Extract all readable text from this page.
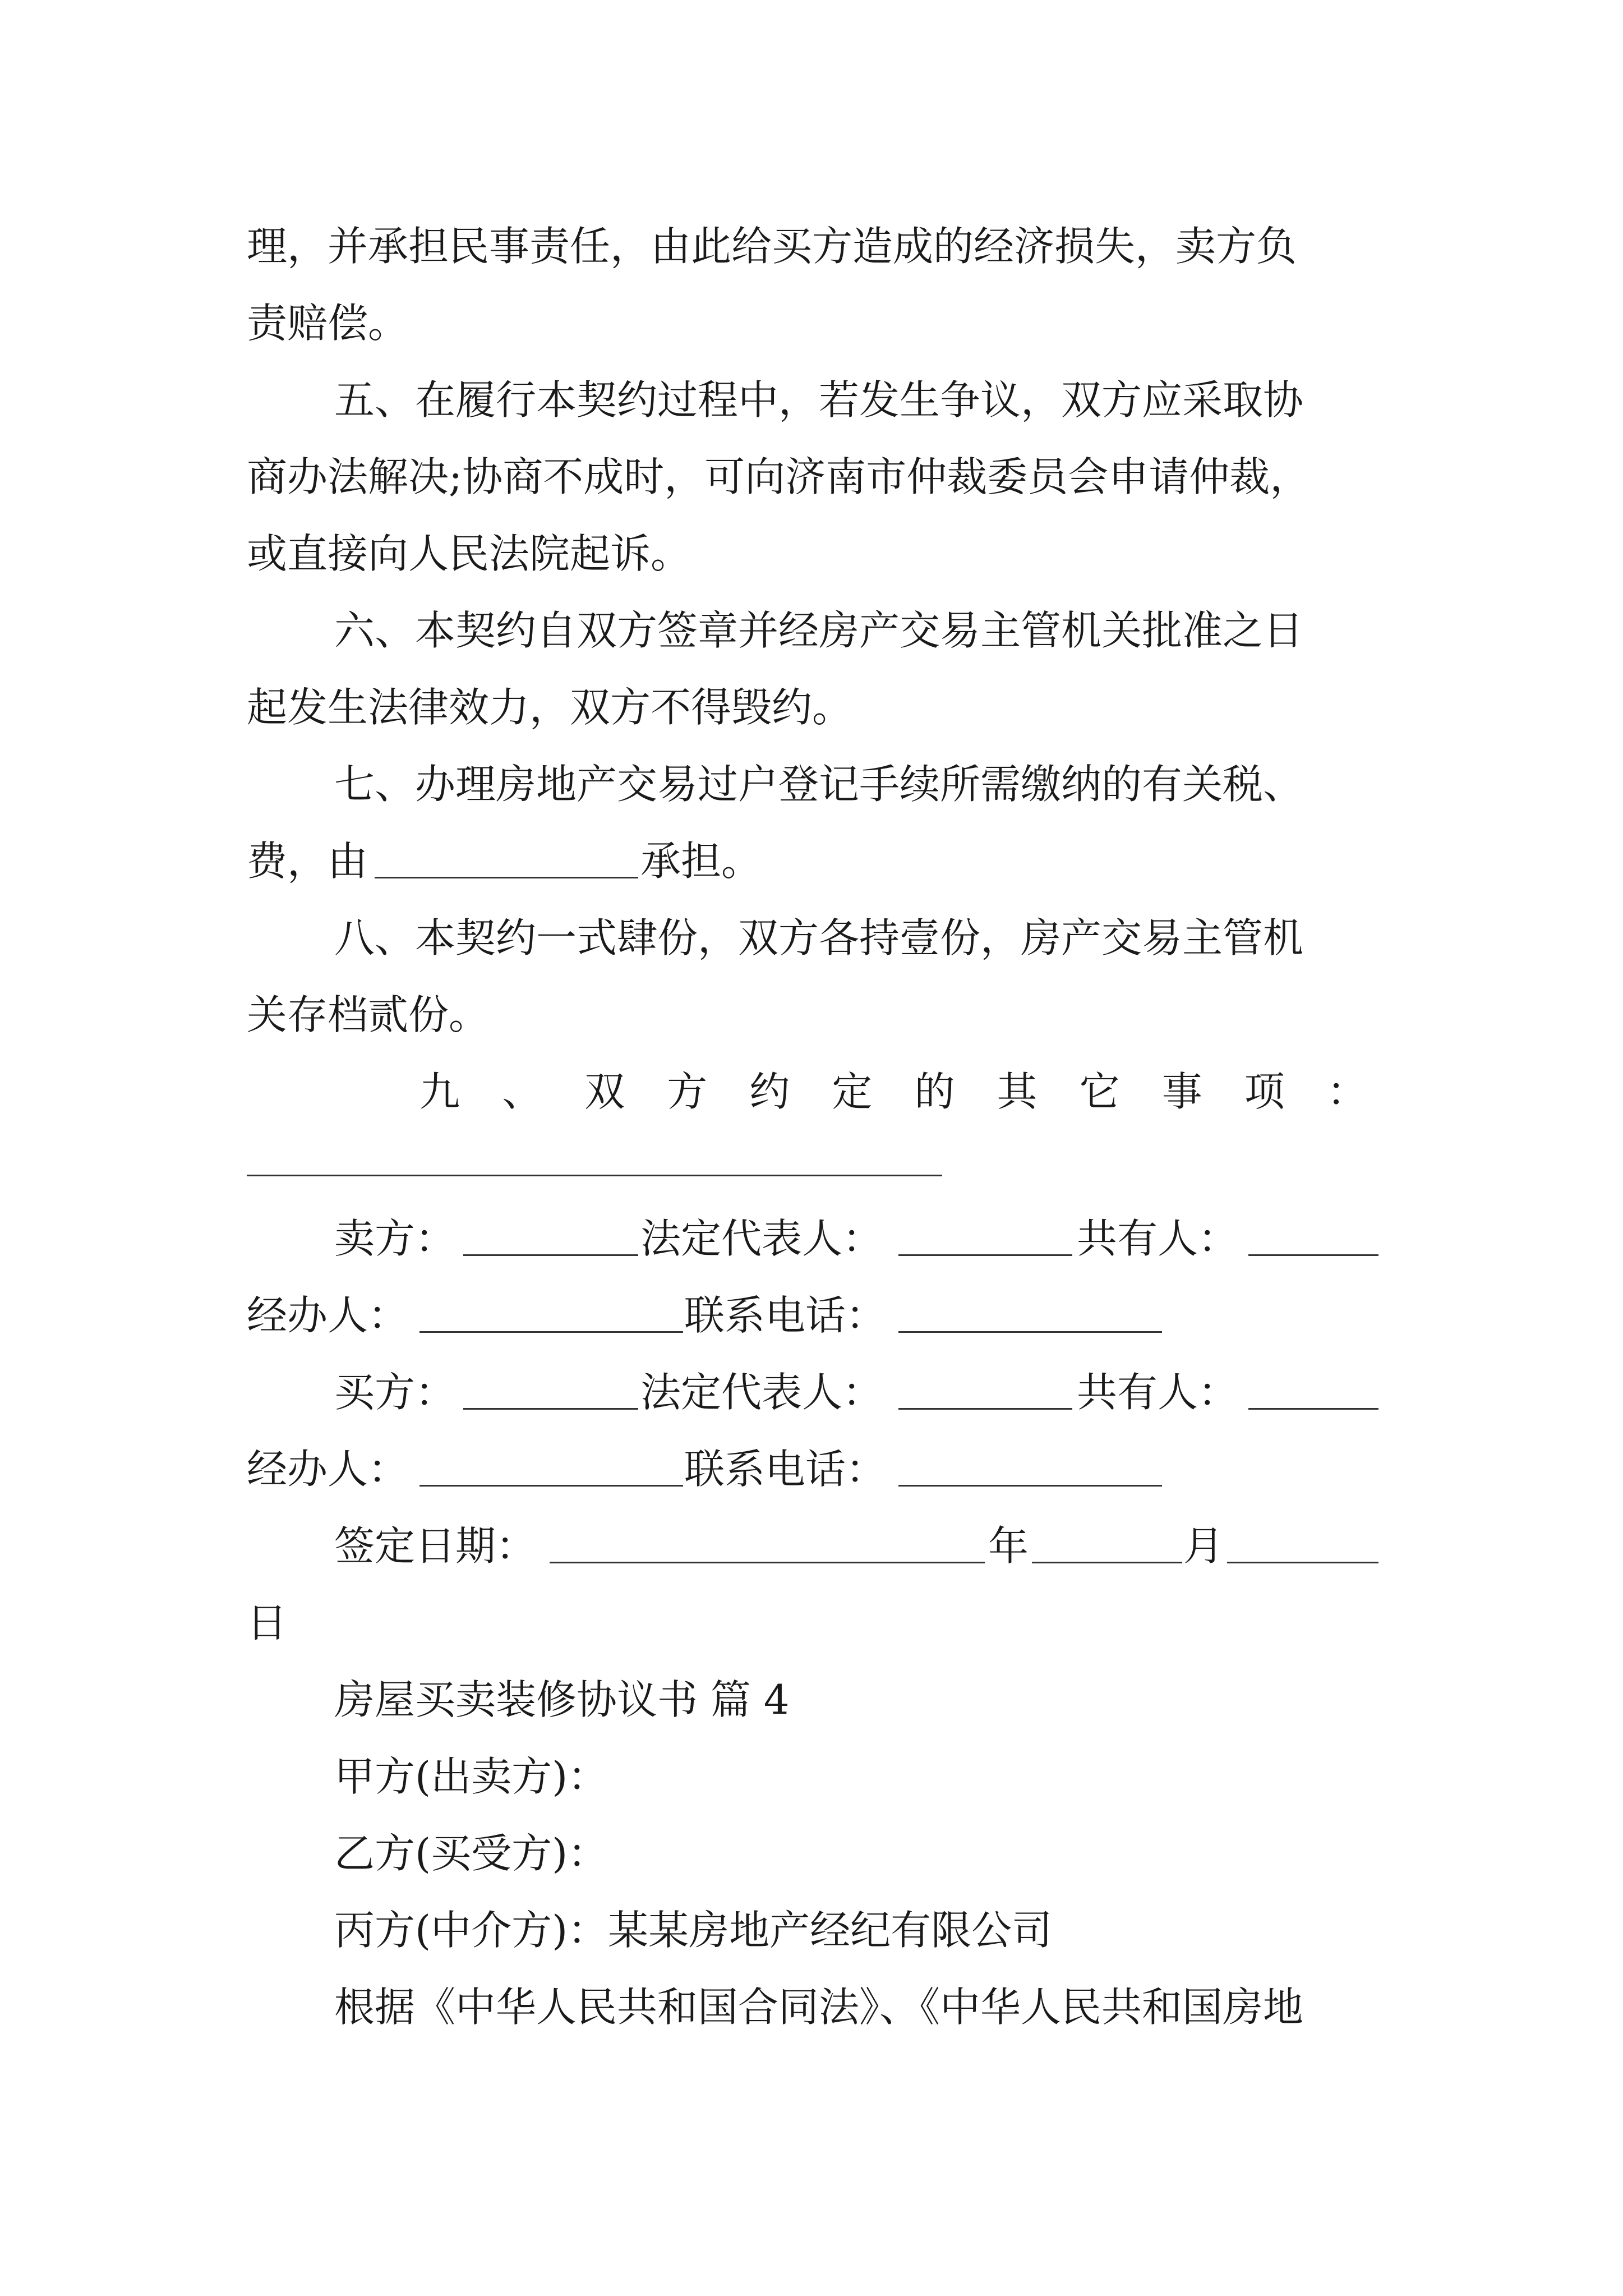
理，并承担民事责任，由此给买方造成的经济损失，卖方负
责赔偿。
五、在履行本契约过程中，若发生争议，双方应采取协
商办法解决;协商不成时，可向济南市仲裁委员会申请仲裁，
或直接向人民法院起诉。
六、本契约自双方签章并经房产交易主管机关批准之日
起发生法律效力，双方不得毁约。
七、办理房地产交易过户登记手续所需缴纳的有关税、
费，由	承担。
八、本契约一式肆份，双方各持壹份，房产交易主管机
关存档贰份。
九 、 双 方 约 定 的 其 它 事 项 ：
卖方：	法定代表人：	共有人：
经办人：	联系电话：
买方：	法定代表人：	共有人：
经办人：	联系电话：
签定日期：	年	月
日
房屋买卖装修协议书 篇 4
甲方(出卖方)：
乙方(买受方)：
丙方(中介方)：某某房地产经纪有限公司
根据《中华人民共和国合同法》、《中华人民共和国房地
